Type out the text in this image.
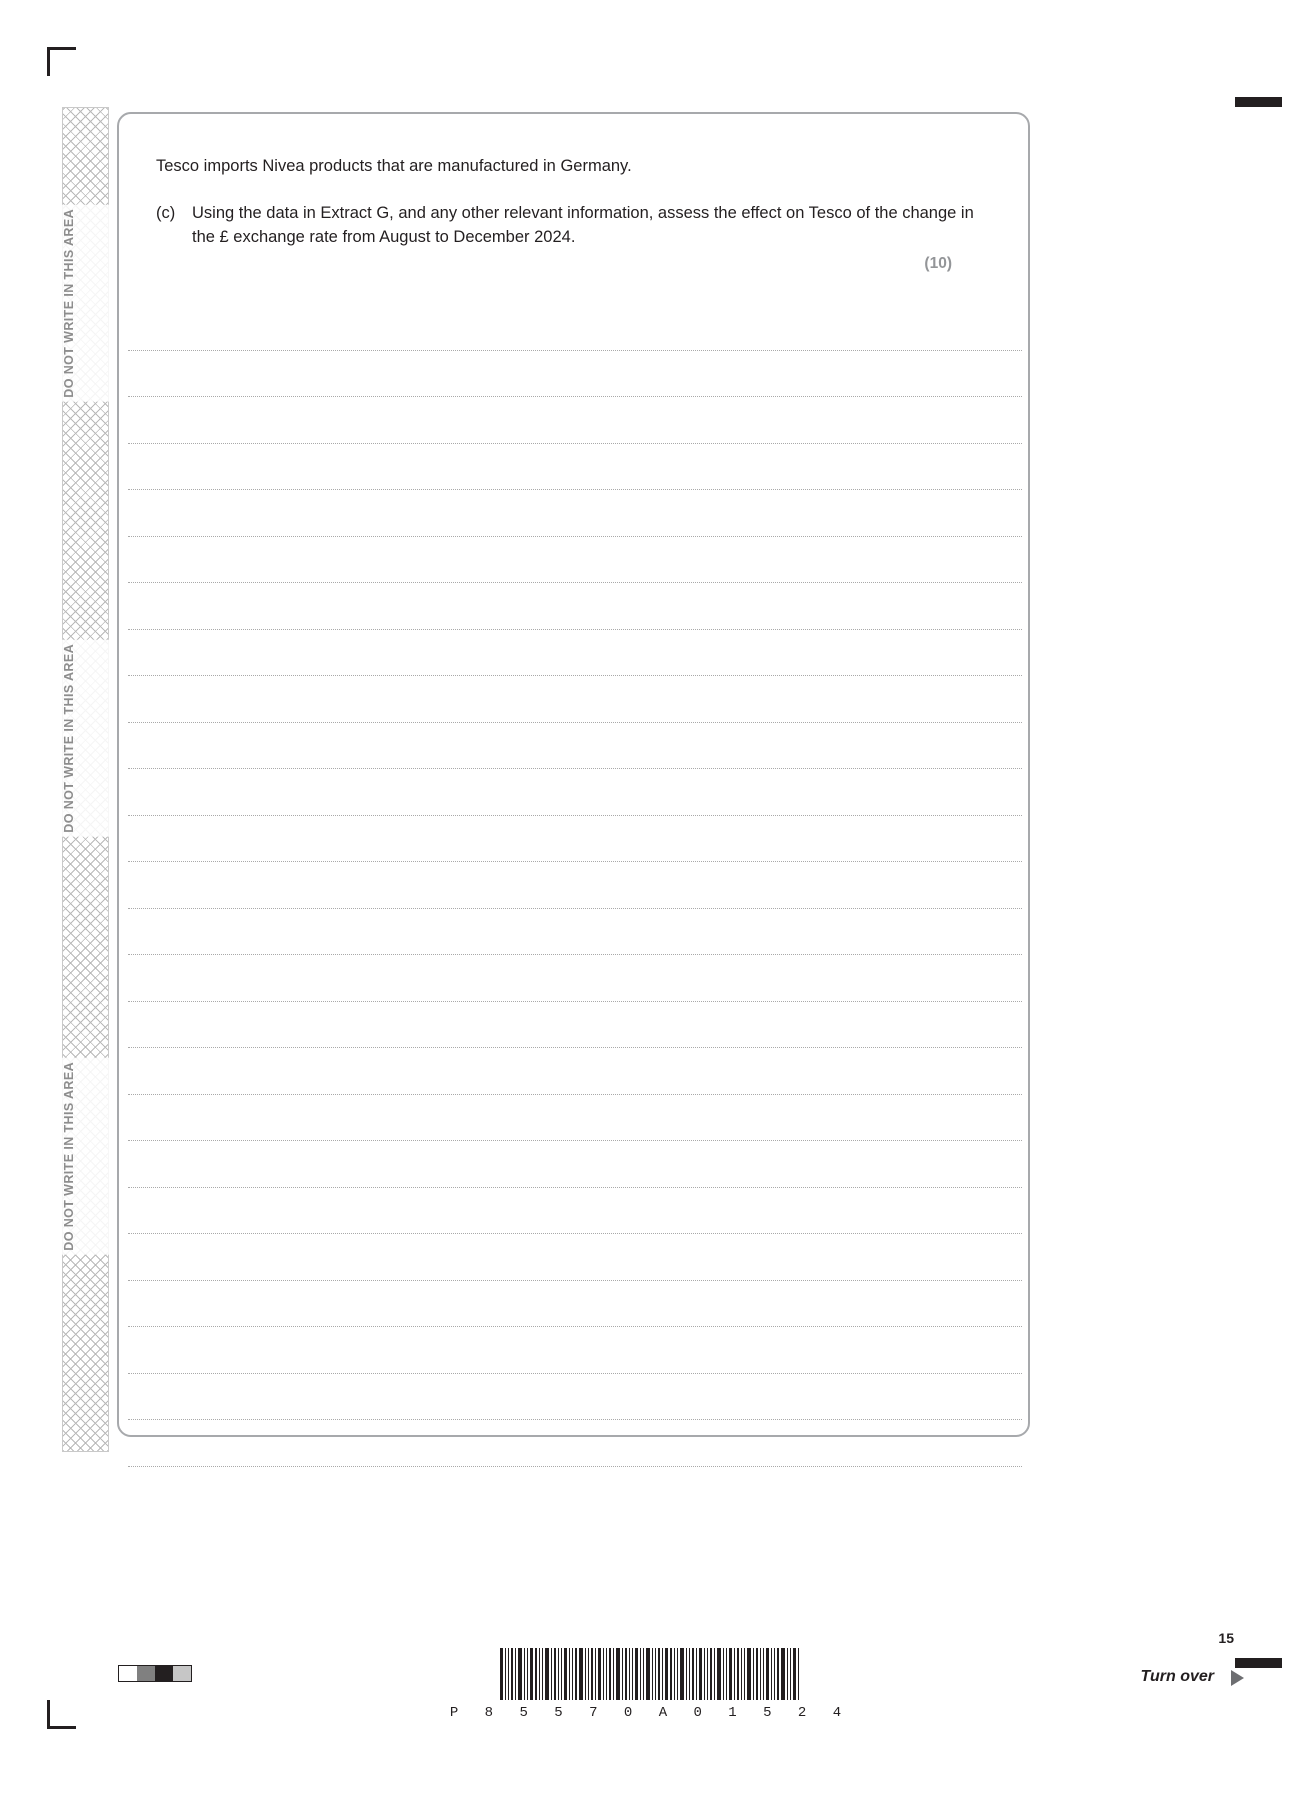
DO NOT WRITE IN THIS AREA
DO NOT WRITE IN THIS AREA
DO NOT WRITE IN THIS AREA
Tesco imports Nivea products that are manufactured in Germany.
(c)	Using the data in Extract G, and any other relevant information, assess the effect on Tesco of the change in the £ exchange rate from August to December 2024.
(10)
P 8 5 5 7 0 A 0 1 5 2 4
15
Turn over
